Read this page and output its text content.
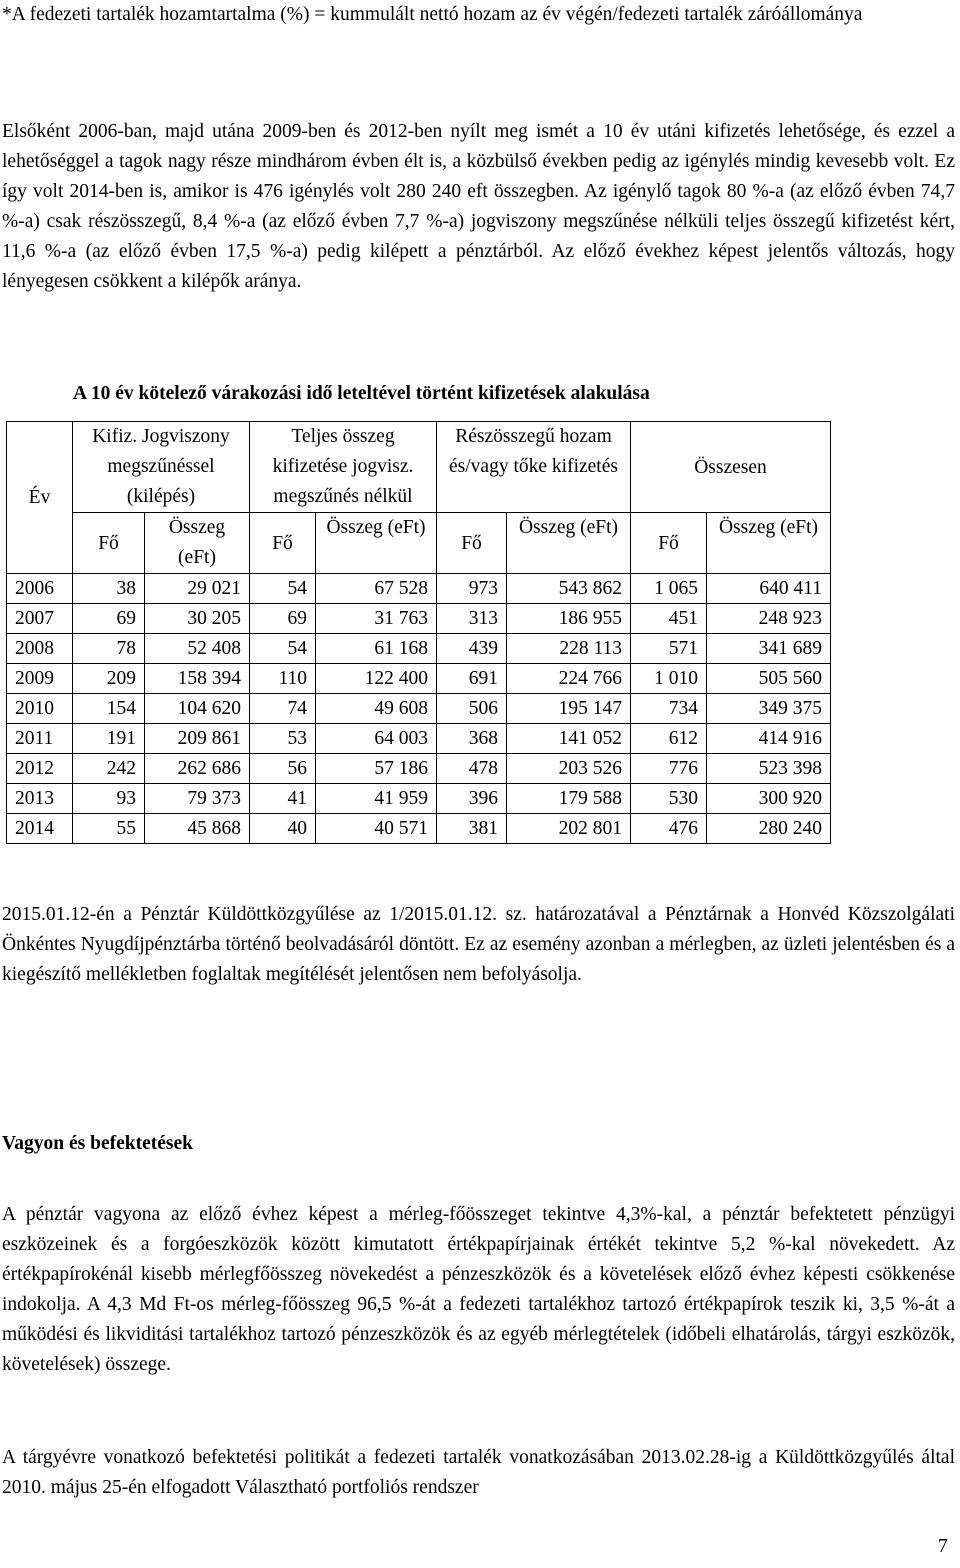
*A fedezeti tartalék hozamtartalma (%) = kummulált nettó hozam az év végén/fedezeti tartalék záróállománya

Elsőként 2006-ban, majd utána 2009-ben és 2012-ben nyílt meg ismét a 10 év utáni kifizetés lehetősége, és ezzel a lehetőséggel a tagok nagy része mindhárom évben élt is, a közbülső években pedig az igénylés mindig kevesebb volt. Ez így volt 2014-ben is, amikor is 476 igénylés volt 280 240 eft összegben. Az igénylő tagok 80 %-a (az előző évben 74,7 %-a) csak részösszegű, 8,4 %-a (az előző évben 7,7 %-a) jogviszony megszűnése nélküli teljes összegű kifizetést kért, 11,6 %-a (az előző évben 17,5 %-a) pedig kilépett a pénztárból. Az előző évekhez képest jelentős változás, hogy lényegesen csökkent a kilépők aránya.

A 10 év kötelező várakozási idő leteltével történt kifizetések alakulása

Év	Kifiz. Jogviszony megszűnéssel (kilépés)		Teljes összeg kifizetése jogvisz. megszűnés nélkül		Részösszegű hozam és/vagy tőke kifizetés		Összesen	
	Fő	Összeg (eFt)	Fő	Összeg (eFt)	Fő	Összeg (eFt)	Fő	Összeg (eFt)
2006	38	29 021	54	67 528	973	543 862	1 065	640 411
2007	69	30 205	69	31 763	313	186 955	451	248 923
2008	78	52 408	54	61 168	439	228 113	571	341 689
2009	209	158 394	110	122 400	691	224 766	1 010	505 560
2010	154	104 620	74	49 608	506	195 147	734	349 375
2011	191	209 861	53	64 003	368	141 052	612	414 916
2012	242	262 686	56	57 186	478	203 526	776	523 398
2013	93	79 373	41	41 959	396	179 588	530	300 920
2014	55	45 868	40	40 571	381	202 801	476	280 240

2015.01.12-én a Pénztár Küldöttközgyűlése az 1/2015.01.12. sz. határozatával a Pénztárnak a Honvéd Közszolgálati Önkéntes Nyugdíjpénztárba történő beolvadásáról döntött. Ez az esemény azonban a mérlegben, az üzleti jelentésben és a kiegészítő mellékletben foglaltak megítélését jelentősen nem befolyásolja.

Vagyon és befektetések

A pénztár vagyona az előző évhez képest a mérleg-főösszeget tekintve 4,3%-kal, a pénztár befektetett pénzügyi eszközeinek és a forgóeszközök között kimutatott értékpapírjainak értékét tekintve 5,2 %-kal növekedett. Az értékpapírokénál kisebb mérlegfőösszeg növekedést a pénzeszközök és a követelések előző évhez képesti csökkenése indokolja. A 4,3 Md Ft-os mérleg-főösszeg 96,5 %-át a fedezeti tartalékhoz tartozó értékpapírok teszik ki, 3,5 %-át a működési és likviditási tartalékhoz tartozó pénzeszközök és az egyéb mérlegtételek (időbeli elhatárolás, tárgyi eszközök, követelések) összege.

A tárgyévre vonatkozó befektetési politikát a fedezeti tartalék vonatkozásában 2013.02.28-ig a Küldöttközgyűlés által 2010. május 25-én elfogadott Választható portfoliós rendszer

7
